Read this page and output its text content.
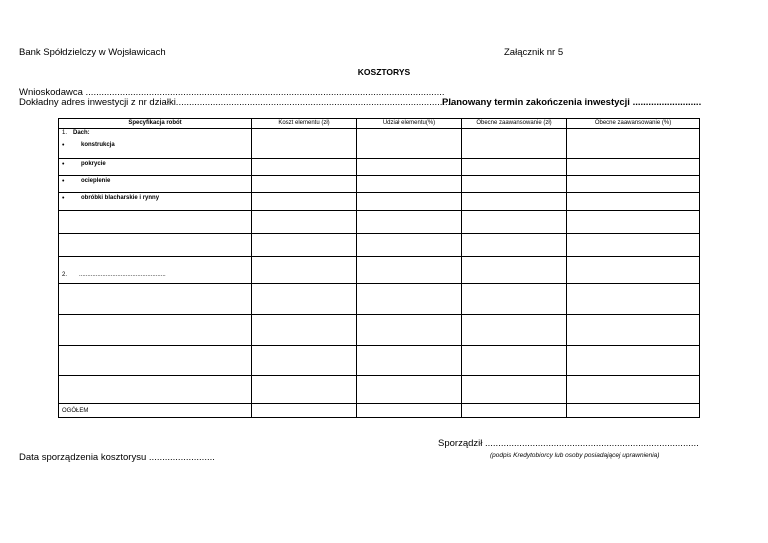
Bank Spółdzielczy w Wojsławicach	Załącznik nr 5
KOSZTORYS
Wnioskodawca ........................................................................................................................................
Dokładny adres inwestycji z nr działki.........................................................................................................
Planowany termin zakończenia inwestycji ..........................
Specyfikacja robót	Koszt elementu (zł)	Udział elementu(%)	Obecne zaawansowanie (zł)	Obecne zaawansowanie (%)

1. Dach:
• konstrukcja				

• pokrycie				

• ocieplenie				

• obróbki blacharskie i rynny				

2. ....................................................				

OGÓŁEM				
Sporządził .................................................................................
Data sporządzenia kosztorysu .........................	(podpis Kredytobiorcy lub osoby posiadającej uprawnienia)
